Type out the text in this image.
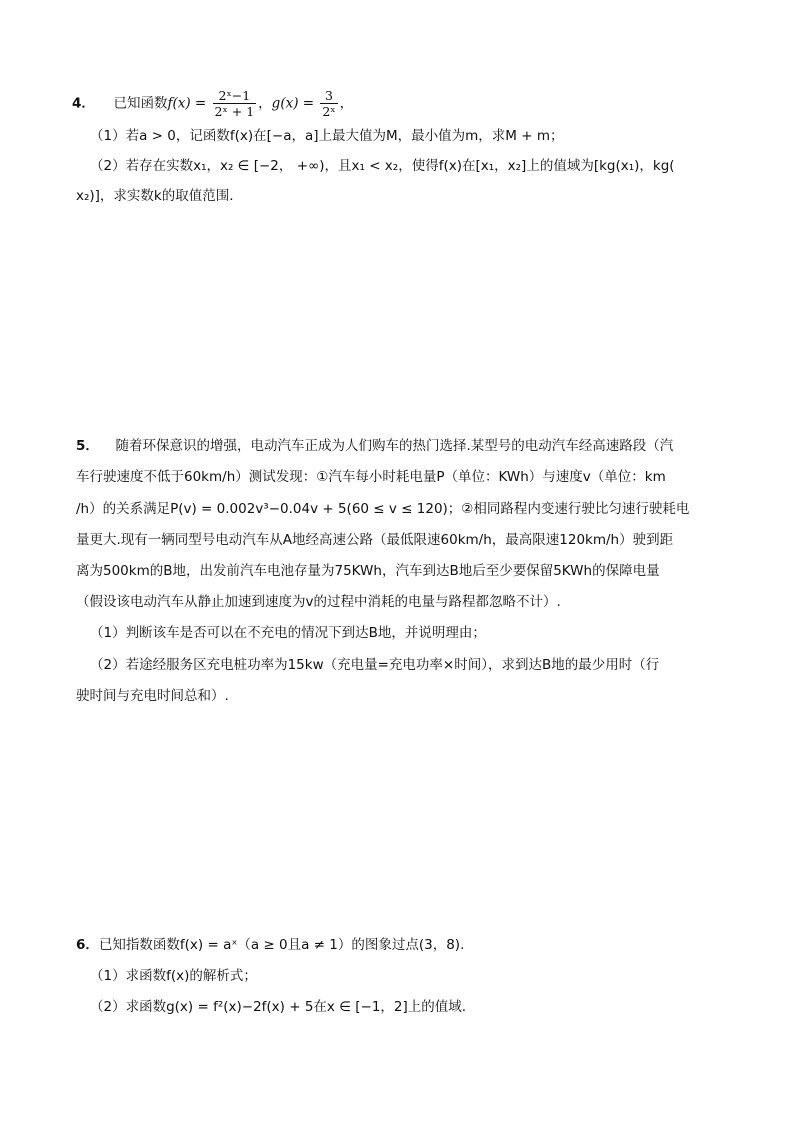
4． 已知函数$f(x) = \frac{\text{2ˣ−1}}{\text{2ˣ + 1}}$ ，$g(x) = \frac{3}{\text{2ˣ}}$ ，
（1）若a > 0，记函数f(x)在[−a，a]上最大值为M，最小值为m，求M + m；
（2）若存在实数x₁，x₂ ∈ [−2， +∞)，且x₁ < x₂，使得f(x)在[x₁，x₂]上的值域为[kg(x₁)，kg(
x₂)]，求实数k的取值范围．
5． 随着环保意识的增强，电动汽车正成为人们购车的热门选择.某型号的电动汽车经高速路段（汽
车行驶速度不低于60km/h）测试发现：①汽车每小时耗电量P（单位：KWh）与速度v（单位：km
/h）的关系满足P(v) = 0.002v³−0.04v + 5(60 ≤ v ≤ 120)；②相同路程内变速行驶比匀速行驶耗电
量更大.现有一辆同型号电动汽车从A地经高速公路（最低限速60km/h，最高限速120km/h）驶到距
离为500km的B地，出发前汽车电池存量为75KWh，汽车到达B地后至少要保留5KWh的保障电量
（假设该电动汽车从静止加速到速度为v的过程中消耗的电量与路程都忽略不计）.
（1）判断该车是否可以在不充电的情况下到达B地，并说明理由；
（2）若途经服务区充电桩功率为15kw（充电量=充电功率×时间），求到达B地的最少用时（行
驶时间与充电时间总和）.
6．已知指数函数f(x) = aˣ（a ≥ 0且a ≠ 1）的图象过点(3，8).
（1）求函数f(x)的解析式；
（2）求函数g(x) = f²(x)−2f(x) + 5在x ∈ [−1，2]上的值域.
